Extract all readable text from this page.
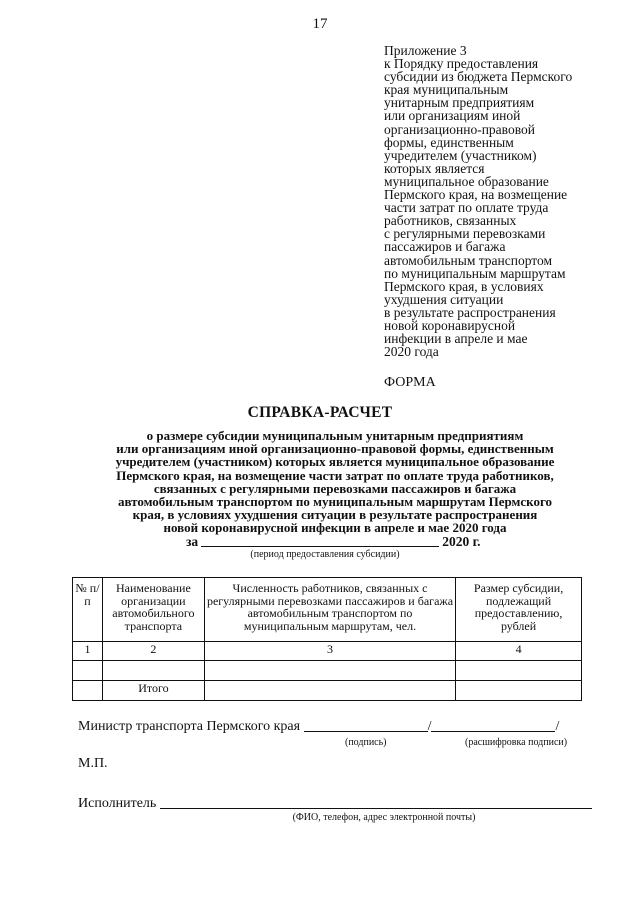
17
Приложение 3
к Порядку предоставления
субсидии из бюджета Пермского
края муниципальным
унитарным предприятиям
или организациям иной
организационно-правовой
формы, единственным
учредителем (участником)
которых является
муниципальное образование
Пермского края, на возмещение
части затрат по оплате труда
работников, связанных
с регулярными перевозками
пассажиров и багажа
автомобильным транспортом
по муниципальным маршрутам
Пермского края, в условиях
ухудшения ситуации
в результате распространения
новой коронавирусной
инфекции в апреле и мае
2020 года
ФОРМА
СПРАВКА-РАСЧЕТ
о размере субсидии муниципальным унитарным предприятиям
или организациям иной организационно-правовой формы, единственным
учредителем (участником) которых является муниципальное образование
Пермского края, на возмещение части затрат по оплате труда работников,
связанных с регулярными перевозками пассажиров и багажа
автомобильным транспортом по муниципальным маршрутам Пермского
края, в условиях ухудшения ситуации в результате распространения
новой коронавирусной инфекции в апреле и мае 2020 года
за	2020 г.
(период предоставления субсидии)
№ п/п	Наименование организации автомобильного транспорта	Численность работников, связанных с регулярными перевозками пассажиров и багажа автомобильным транспортом по муниципальным маршрутам, чел.	Размер субсидии, подлежащий предоставлению, рублей
1	2	3	4

	Итого		
Министр транспорта Пермского края	/	/
(подпись)	(расшифровка подписи)
М.П.
Исполнитель
(ФИО, телефон, адрес электронной почты)
